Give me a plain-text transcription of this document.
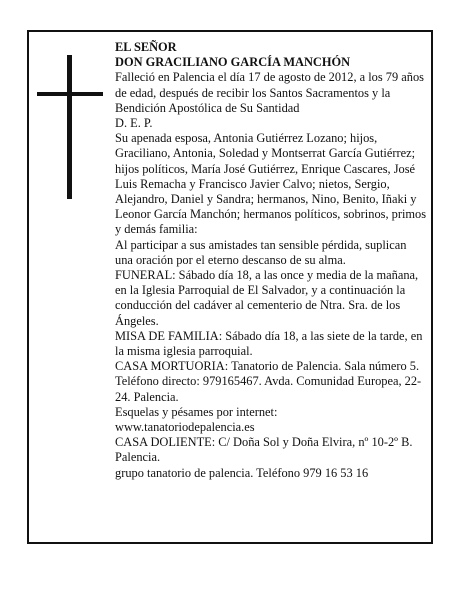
EL SEÑOR

DON GRACILIANO GARCÍA MANCHÓN

Falleció en Palencia el día 17 de agosto de 2012, a los 79 años de edad, después de recibir los Santos Sacramentos y la Bendición Apostólica de Su Santidad

D. E. P.

Su apenada esposa, Antonia Gutiérrez Lozano; hijos, Graciliano, Antonia, Soledad y Montserrat García Gutiérrez; hijos políticos, María José Gutiérrez, Enrique Cascares, José Luis Remacha y Francisco Javier Calvo; nietos, Sergio, Alejandro, Daniel y Sandra; hermanos, Nino, Benito, Iñaki y Leonor García Manchón; hermanos políticos, sobrinos, primos y demás familia:

Al participar a sus amistades tan sensible pérdida, suplican una oración por el eterno descanso de su alma.

FUNERAL: Sábado día 18, a las once y media de la mañana, en la Iglesia Parroquial de El Salvador, y a continuación la conducción del cadáver al cementerio de Ntra. Sra. de los Ángeles.

MISA DE FAMILIA: Sábado día 18, a las siete de la tarde, en la misma iglesia parroquial.

CASA MORTUORIA: Tanatorio de Palencia. Sala número 5. Teléfono directo: 979165467. Avda. Comunidad Europea, 22-24. Palencia.

Esquelas y pésames por internet:

www.tanatoriodepalencia.es

CASA DOLIENTE: C/ Doña Sol y Doña Elvira, nº 10-2º B. Palencia.

grupo tanatorio de palencia. Teléfono 979 16 53 16
